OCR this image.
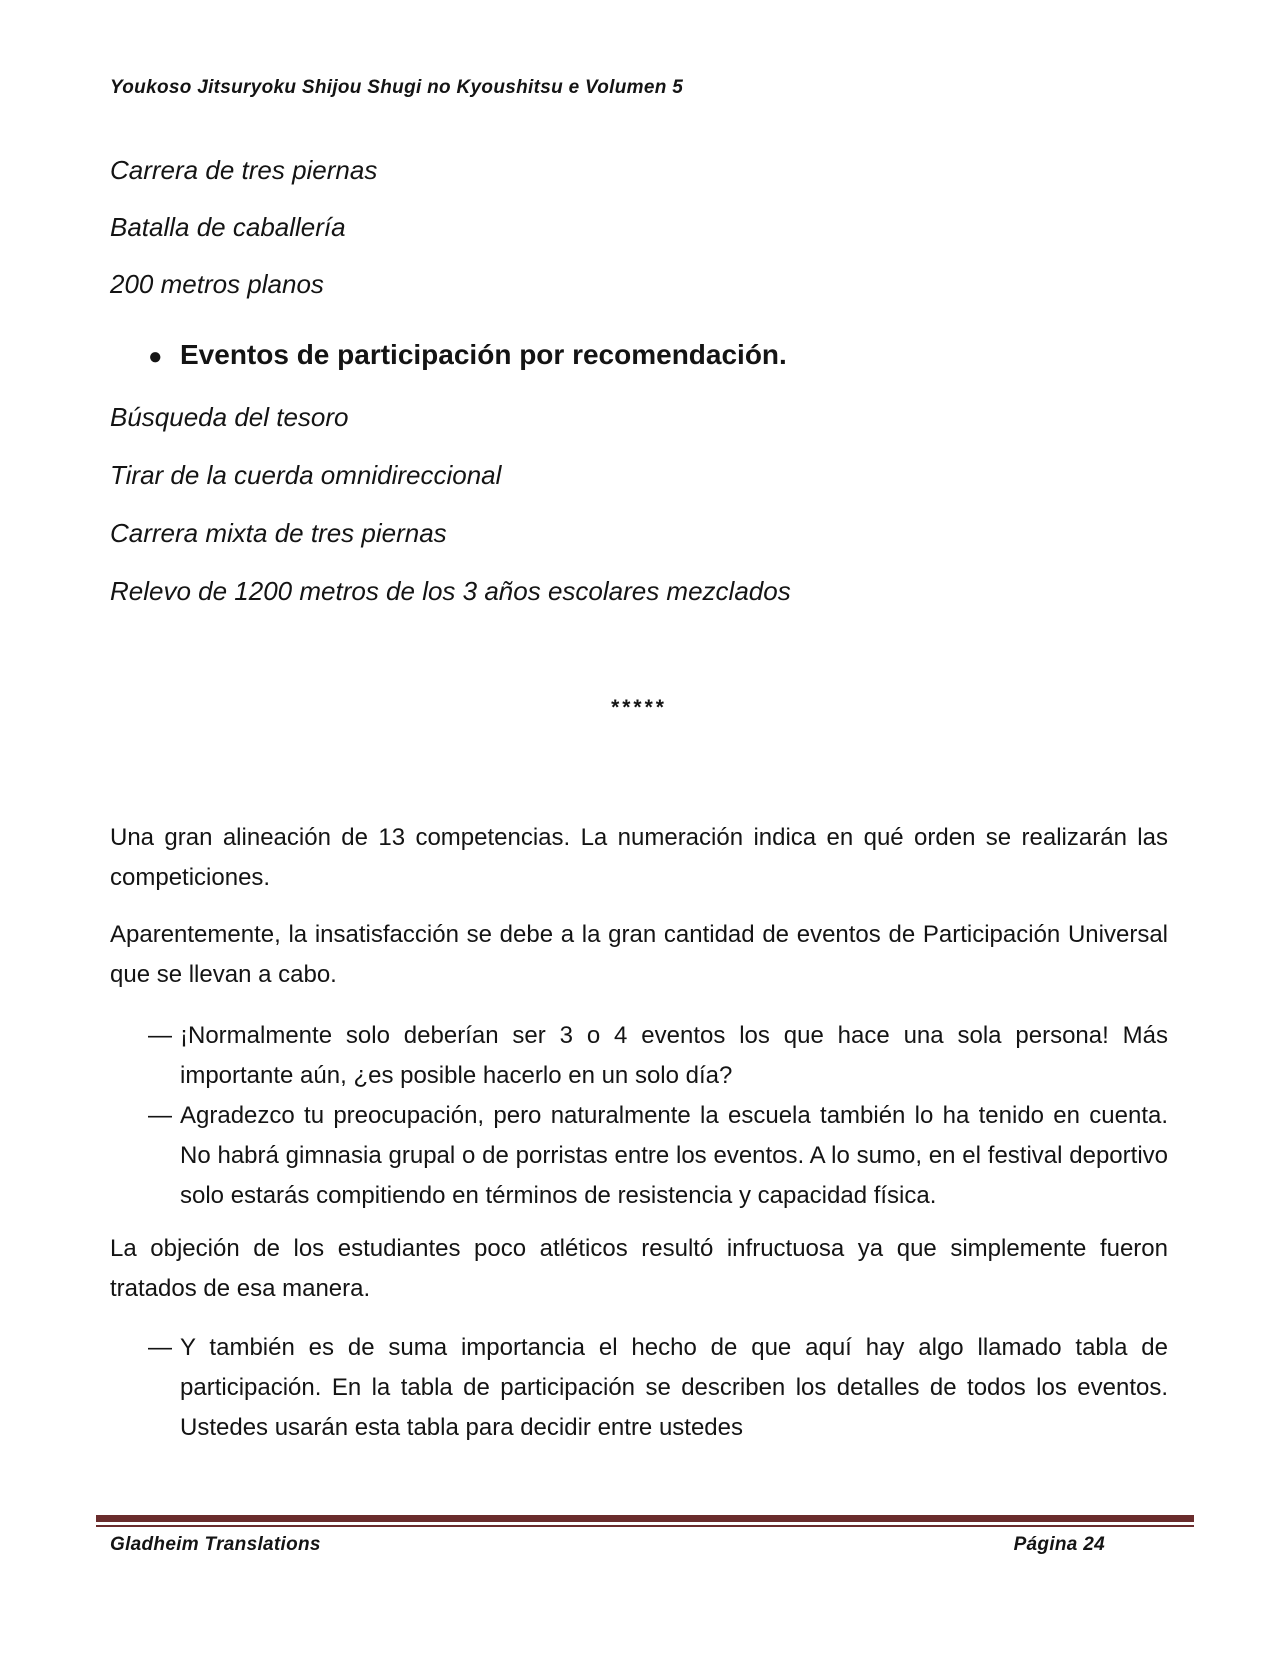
Youkoso Jitsuryoku Shijou Shugi no Kyoushitsu e Volumen 5
Carrera de tres piernas
Batalla de caballería
200 metros planos
● Eventos de participación por recomendación.
Búsqueda del tesoro
Tirar de la cuerda omnidireccional
Carrera mixta de tres piernas
Relevo de 1200 metros de los 3 años escolares mezclados
*****

Una gran alineación de 13 competencias. La numeración indica en qué orden se realizarán las competiciones.

Aparentemente, la insatisfacción se debe a la gran cantidad de eventos de Participación Universal que se llevan a cabo.

— ¡Normalmente solo deberían ser 3 o 4 eventos los que hace una sola persona! Más importante aún, ¿es posible hacerlo en un solo día?
— Agradezco tu preocupación, pero naturalmente la escuela también lo ha tenido en cuenta. No habrá gimnasia grupal o de porristas entre los eventos. A lo sumo, en el festival deportivo solo estarás compitiendo en términos de resistencia y capacidad física.

La objeción de los estudiantes poco atléticos resultó infructuosa ya que simplemente fueron tratados de esa manera.

— Y también es de suma importancia el hecho de que aquí hay algo llamado tabla de participación. En la tabla de participación se describen los detalles de todos los eventos. Ustedes usarán esta tabla para decidir entre ustedes
Gladheim Translations	Página 24
